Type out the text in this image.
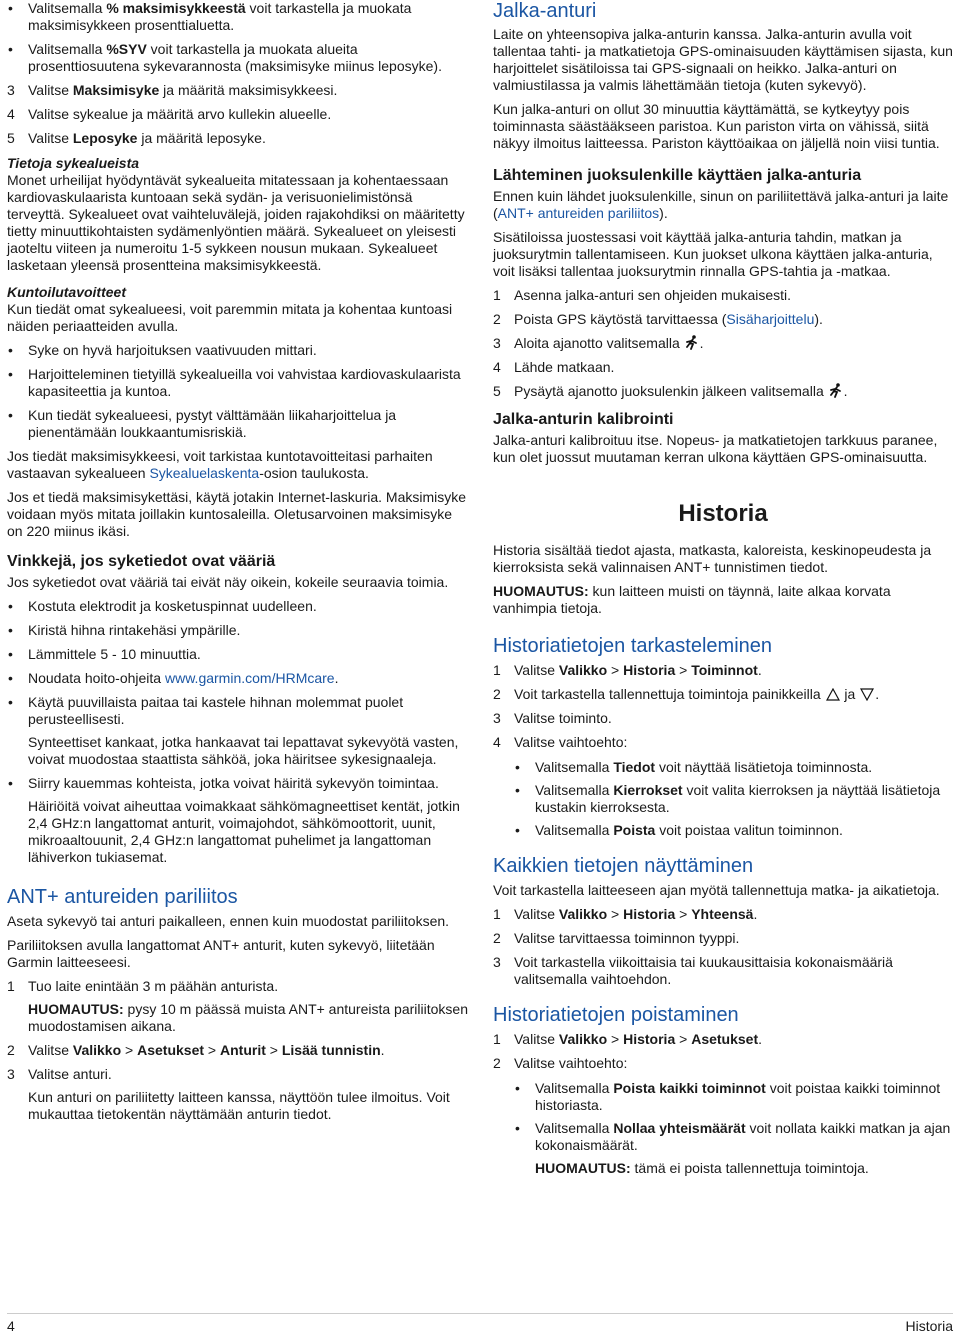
• Valitsemalla % maksimisykkeestä voit tarkastella ja muokata maksimisykkeen prosenttialuetta.
• Valitsemalla %SYV voit tarkastella ja muokata alueita prosenttiosuutena sykevarannosta (maksimisyke miinus leposyke).
3 Valitse Maksimisyke ja määritä maksimisykkeesi.
4 Valitse sykealue ja määritä arvo kullekin alueelle.
5 Valitse Leposyke ja määritä leposyke.

Tietoja sykealueista

Monet urheilijat hyödyntävät sykealueita mitatessaan ja kohentaessaan kardiovaskulaarista kuntoaan sekä sydän- ja verisuonielimistönsä terveyttä. Sykealueet ovat vaihteluvälejä, joiden rajakohdiksi on määritetty tietty minuuttikohtaisten sydämenlyöntien määrä. Sykealueet on yleisesti jaoteltu viiteen ja numeroitu 1-5 sykkeen nousun mukaan. Sykealueet lasketaan yleensä prosentteina maksimisykkeestä.

Kuntoilutavoitteet

Kun tiedät omat sykealueesi, voit paremmin mitata ja kohentaa kuntoasi näiden periaatteiden avulla.

• Syke on hyvä harjoituksen vaativuuden mittari.
• Harjoitteleminen tietyillä sykealueilla voi vahvistaa kardiovaskulaarista kapasiteettia ja kuntoa.
• Kun tiedät sykealueesi, pystyt välttämään liikaharjoittelua ja pienentämään loukkaantumisriskiä.

Jos tiedät maksimisykkeesi, voit tarkistaa kuntotavoitteitasi parhaiten vastaavan sykealueen Sykealuelaskenta-osion taulukosta.

Jos et tiedä maksimisykettäsi, käytä jotakin Internet-laskuria. Maksimisyke voidaan myös mitata joillakin kuntosaleilla. Oletusarvoinen maksimisyke on 220 miinus ikäsi.

Vinkkejä, jos syketiedot ovat vääriä

Jos syketiedot ovat vääriä tai eivät näy oikein, kokeile seuraavia toimia.

• Kostuta elektrodit ja kosketuspinnat uudelleen.
• Kiristä hihna rintakehäsi ympärille.
• Lämmittele 5 - 10 minuuttia.
• Noudata hoito-ohjeita www.garmin.com/HRMcare.
• Käytä puuvillaista paitaa tai kastele hihnan molemmat puolet perusteellisesti.
Synteettiset kankaat, jotka hankaavat tai lepattavat sykevyötä vasten, voivat muodostaa staattista sähköä, joka häiritsee sykesignaaleja.
• Siirry kauemmas kohteista, jotka voivat häiritä sykevyön toimintaa.
Häiriöitä voivat aiheuttaa voimakkaat sähkömagneettiset kentät, jotkin 2,4 GHz:n langattomat anturit, voimajohdot, sähkömoottorit, uunit, mikroaaltouunit, 2,4 GHz:n langattomat puhelimet ja langattoman lähiverkon tukiasemat.
ANT+ antureiden pariliitos

Aseta sykevyö tai anturi paikalleen, ennen kuin muodostat pariliitoksen.

Pariliitoksen avulla langattomat ANT+ anturit, kuten sykevyö, liitetään Garmin laitteeseesi.

1 Tuo laite enintään 3 m päähän anturista.
HUOMAUTUS: pysy 10 m päässä muista ANT+ antureista pariliitoksen muodostamisen aikana.
2 Valitse Valikko > Asetukset > Anturit > Lisää tunnistin.
3 Valitse anturi.
Kun anturi on pariliitetty laitteen kanssa, näyttöön tulee ilmoitus. Voit mukauttaa tietokentän näyttämään anturin tiedot.
Jalka-anturi

Laite on yhteensopiva jalka-anturin kanssa. Jalka-anturin avulla voit tallentaa tahti- ja matkatietoja GPS-ominaisuuden käyttämisen sijasta, kun harjoittelet sisätiloissa tai GPS-signaali on heikko. Jalka-anturi on valmiustilassa ja valmis lähettämään tietoja (kuten sykevyö).

Kun jalka-anturi on ollut 30 minuuttia käyttämättä, se kytkeytyy pois toiminnasta säästääkseen paristoa. Kun pariston virta on vähissä, siitä näkyy ilmoitus laitteessa. Pariston käyttöaikaa on jäljellä noin viisi tuntia.

Lähteminen juoksulenkille käyttäen jalka-anturia

Ennen kuin lähdet juoksulenkille, sinun on pariliitettävä jalka-anturi ja laite (ANT+ antureiden pariliitos).

Sisätiloissa juostessasi voit käyttää jalka-anturia tahdin, matkan ja juoksurytmin tallentamiseen. Kun juokset ulkona käyttäen jalka-anturia, voit lisäksi tallentaa juoksurytmin rinnalla GPS-tahtia ja -matkaa.

1 Asenna jalka-anturi sen ohjeiden mukaisesti.
2 Poista GPS käytöstä tarvittaessa (Sisäharjoittelu).
3 Aloita ajanotto valitsemalla .
4 Lähde matkaan.
5 Pysäytä ajanotto juoksulenkin jälkeen valitsemalla .
Jalka-anturin kalibrointi

Jalka-anturi kalibroituu itse. Nopeus- ja matkatietojen tarkkuus paranee, kun olet juossut muutaman kerran ulkona käyttäen GPS-ominaisuutta.

Historia

Historia sisältää tiedot ajasta, matkasta, kaloreista, keskinopeudesta ja kierroksista sekä valinnaisen ANT+ tunnistimen tiedot.

HUOMAUTUS: kun laitteen muisti on täynnä, laite alkaa korvata vanhimpia tietoja.

Historiatietojen tarkasteleminen
1 Valitse Valikko > Historia > Toiminnot.
2 Voit tarkastella tallennettuja toimintoja painikkeilla  ja .
3 Valitse toiminto.
4 Valitse vaihtoehto:
• Valitsemalla Tiedot voit näyttää lisätietoja toiminnosta.
• Valitsemalla Kierrokset voit valita kierroksen ja näyttää lisätietoja kustakin kierroksesta.
• Valitsemalla Poista voit poistaa valitun toiminnon.
Kaikkien tietojen näyttäminen

Voit tarkastella laitteeseen ajan myötä tallennettuja matka- ja aikatietoja.

1 Valitse Valikko > Historia > Yhteensä.
2 Valitse tarvittaessa toiminnon tyyppi.
3 Voit tarkastella viikoittaisia tai kuukausittaisia kokonaismääriä valitsemalla vaihtoehdon.
Historiatietojen poistaminen
1 Valitse Valikko > Historia > Asetukset.
2 Valitse vaihtoehto:
• Valitsemalla Poista kaikki toiminnot voit poistaa kaikki toiminnot historiasta.
• Valitsemalla Nollaa yhteismäärät voit nollata kaikki matkan ja ajan kokonaismäärät.
HUOMAUTUS: tämä ei poista tallennettuja toimintoja.
4	Historia
